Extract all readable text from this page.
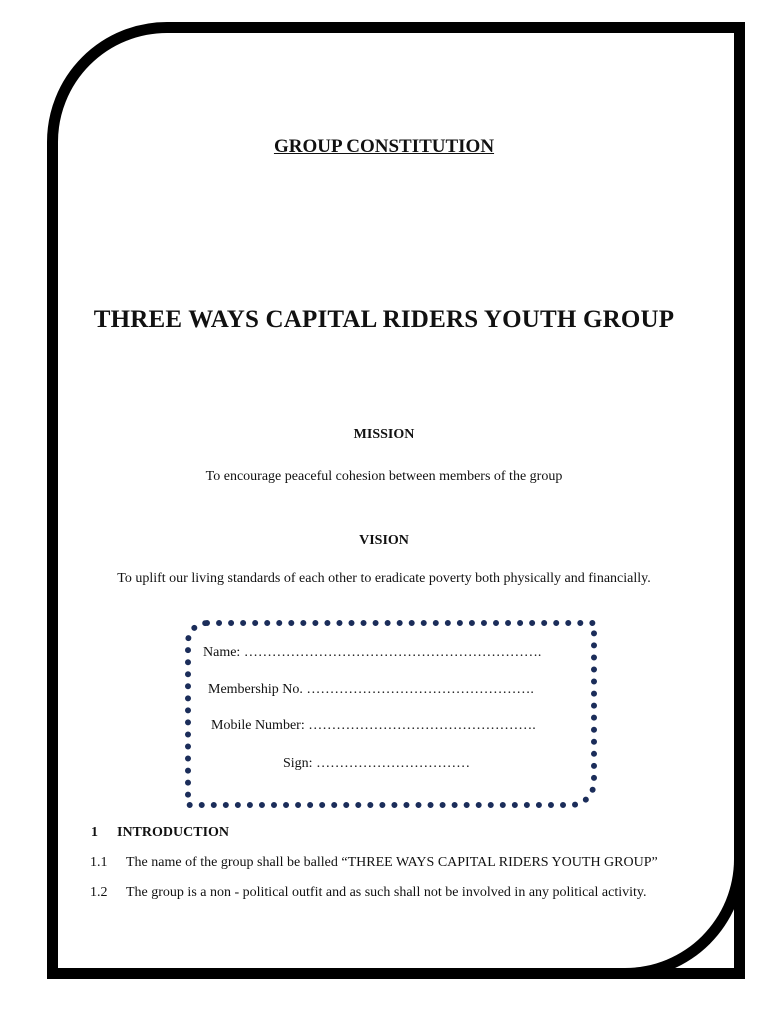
GROUP CONSTITUTION
THREE WAYS CAPITAL RIDERS YOUTH GROUP
MISSION
To encourage peaceful cohesion between members of the group
VISION
To uplift our living standards of each other to eradicate poverty both physically and financially.
Name: ……………………………………………………….
Membership No. ………………………………………….
Mobile Number: ………………………………………….
Sign: ……………………………
1 INTRODUCTION
1.1 The name of the group shall be balled “THREE WAYS CAPITAL RIDERS YOUTH GROUP”
1.2 The group is a non - political outfit and as such shall not be involved in any political activity.
